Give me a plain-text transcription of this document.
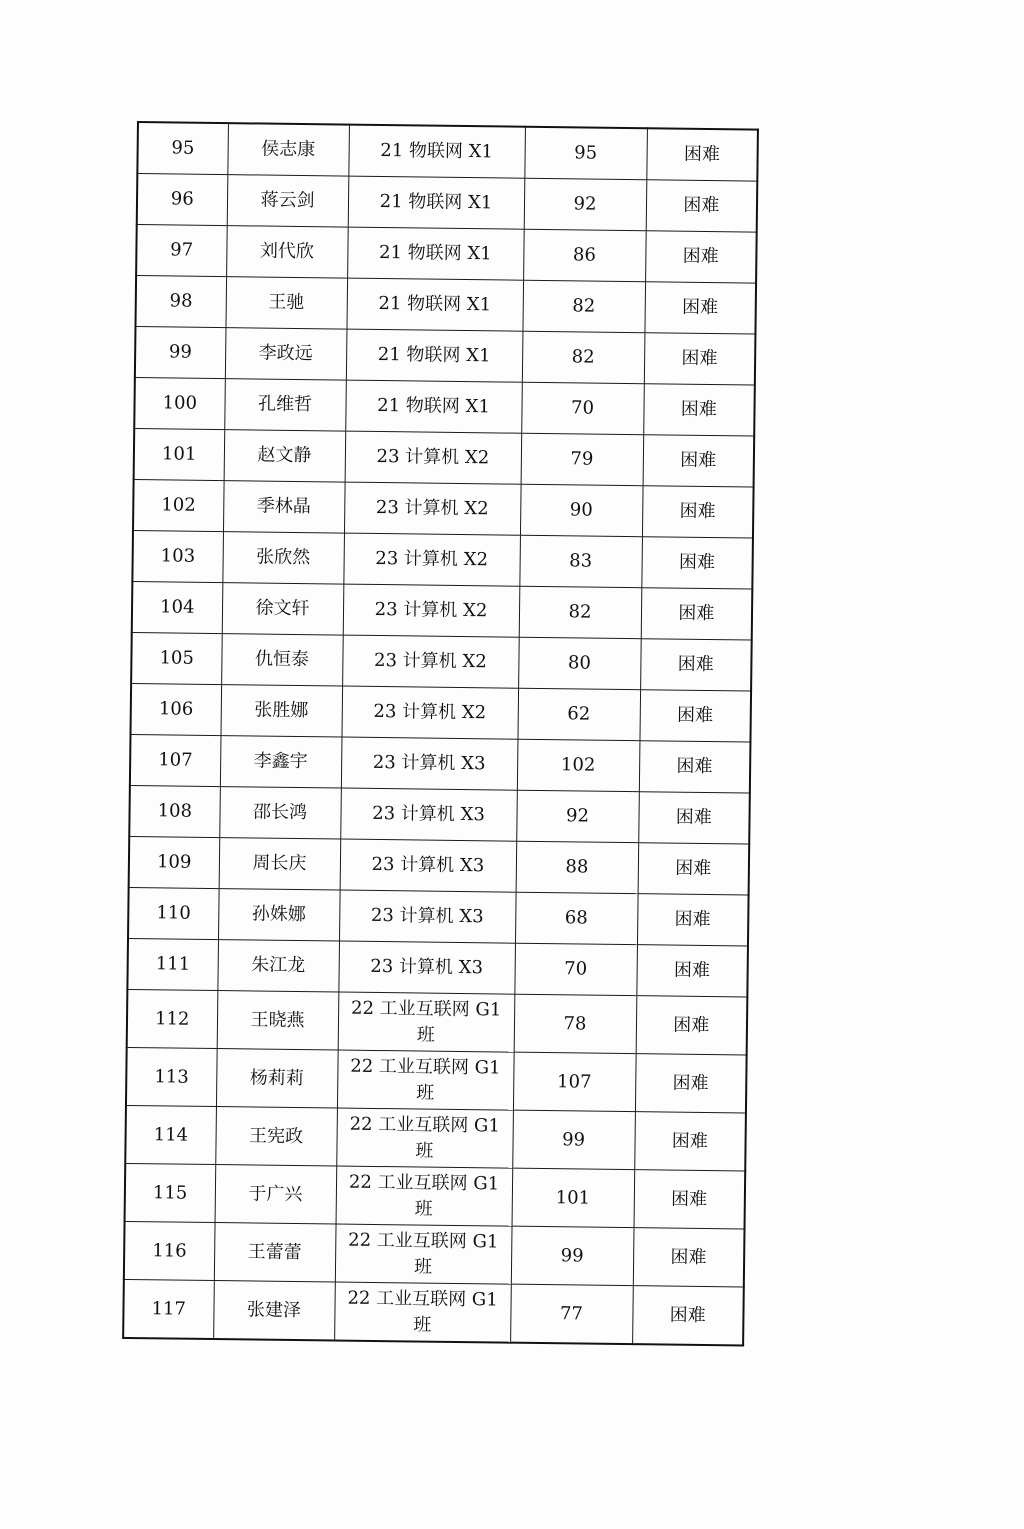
95	侯志康	21 物联网 X1	95	困难
96	蒋云剑	21 物联网 X1	92	困难
97	刘代欣	21 物联网 X1	86	困难
98	王驰	21 物联网 X1	82	困难
99	李政远	21 物联网 X1	82	困难
100	孔维哲	21 物联网 X1	70	困难
101	赵文静	23 计算机 X2	79	困难
102	季林晶	23 计算机 X2	90	困难
103	张欣然	23 计算机 X2	83	困难
104	徐文轩	23 计算机 X2	82	困难
105	仇恒泰	23 计算机 X2	80	困难
106	张胜娜	23 计算机 X2	62	困难
107	李鑫宇	23 计算机 X3	102	困难
108	邵长鸿	23 计算机 X3	92	困难
109	周长庆	23 计算机 X3	88	困难
110	孙姝娜	23 计算机 X3	68	困难
111	朱江龙	23 计算机 X3	70	困难
112	王晓燕	22 工业互联网 G1 班	78	困难
113	杨莉莉	22 工业互联网 G1 班	107	困难
114	王宪政	22 工业互联网 G1 班	99	困难
115	于广兴	22 工业互联网 G1 班	101	困难
116	王蕾蕾	22 工业互联网 G1 班	99	困难
117	张建泽	22 工业互联网 G1 班	77	困难
